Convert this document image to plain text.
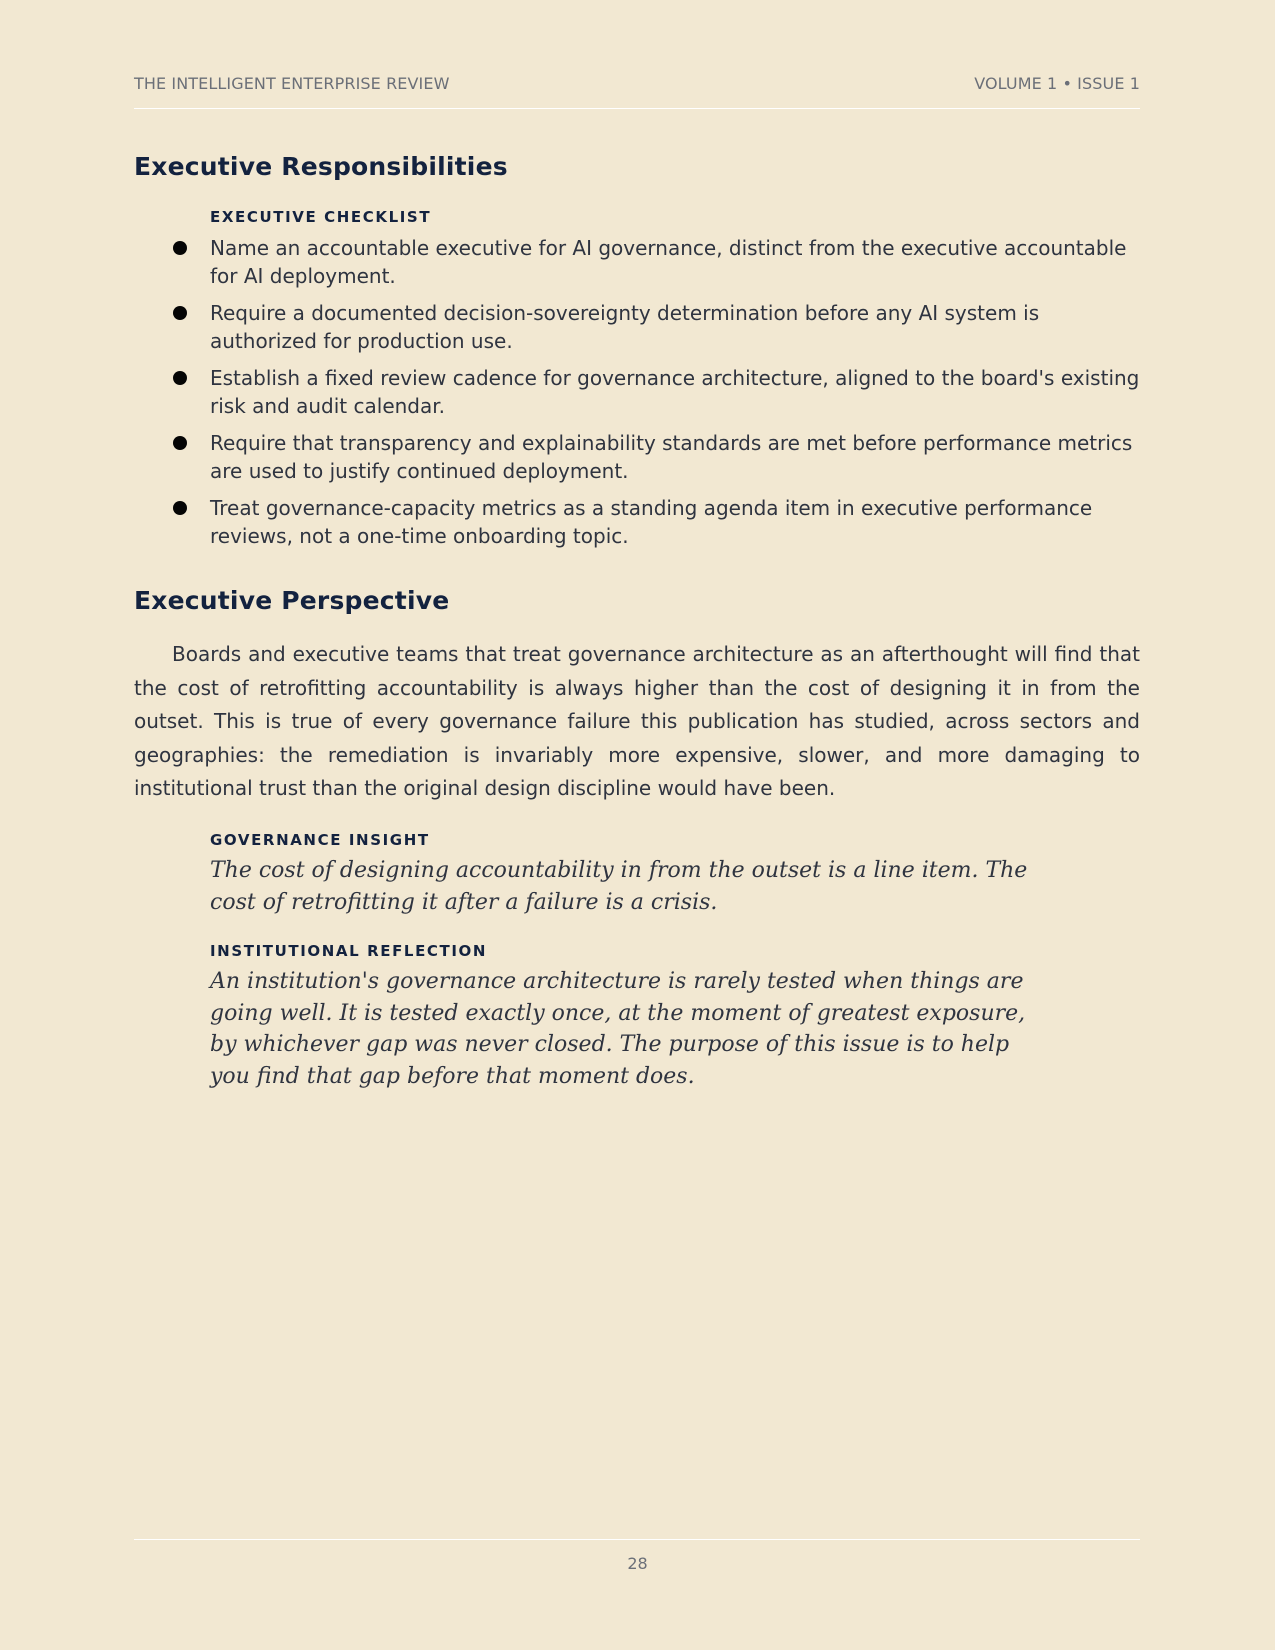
THE INTELLIGENT ENTERPRISE REVIEW	VOLUME 1 • ISSUE 1
Executive Responsibilities
EXECUTIVE CHECKLIST
Name an accountable executive for AI governance, distinct from the executive accountable for AI deployment.
Require a documented decision-sovereignty determination before any AI system is authorized for production use.
Establish a fixed review cadence for governance architecture, aligned to the board's existing risk and audit calendar.
Require that transparency and explainability standards are met before performance metrics are used to justify continued deployment.
Treat governance-capacity metrics as a standing agenda item in executive performance reviews, not a one-time onboarding topic.
Executive Perspective

Boards and executive teams that treat governance architecture as an afterthought will find that the cost of retrofitting accountability is always higher than the cost of designing it in from the outset. This is true of every governance failure this publication has studied, across sectors and geographies: the remediation is invariably more expensive, slower, and more damaging to institutional trust than the original design discipline would have been.

GOVERNANCE INSIGHT

The cost of designing accountability in from the outset is a line item. The cost of retrofitting it after a failure is a crisis.

INSTITUTIONAL REFLECTION

An institution's governance architecture is rarely tested when things are going well. It is tested exactly once, at the moment of greatest exposure, by whichever gap was never closed. The purpose of this issue is to help you find that gap before that moment does.

28
